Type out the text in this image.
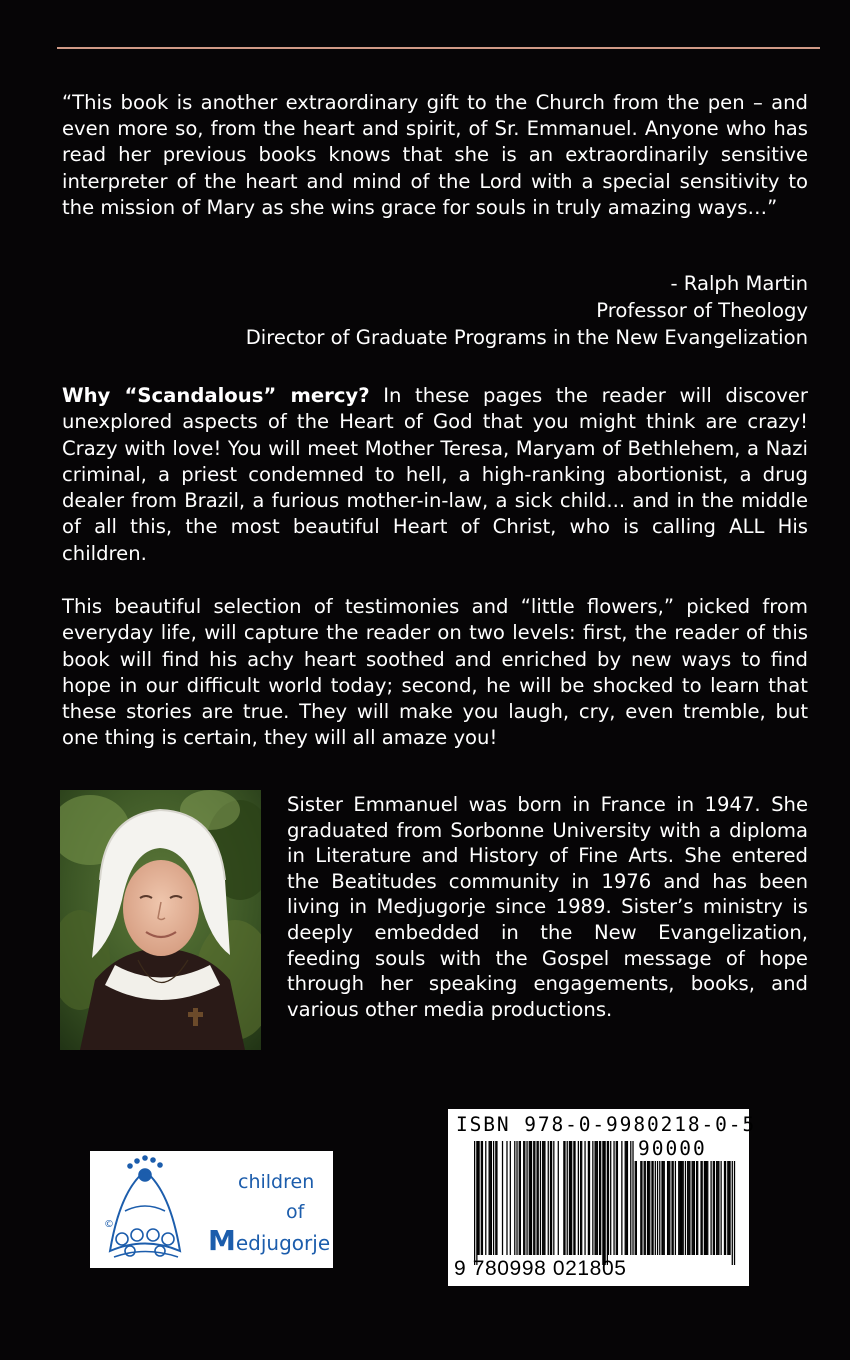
“This book is another extraordinary gift to the Church from the pen – and even more so, from the heart and spirit, of Sr. Emmanuel. Anyone who has read her previous books knows that she is an extraordinarily sensitive interpreter of the heart and mind of the Lord with a special sensitivity to the mission of Mary as she wins grace for souls in truly amazing ways…”

- Ralph Martin
Professor of Theology
Director of Graduate Programs in the New Evangelization

Why “Scandalous” mercy? In these pages the reader will discover unexplored aspects of the Heart of God that you might think are crazy! Crazy with love! You will meet Mother Teresa, Maryam of Bethlehem, a Nazi criminal, a priest condemned to hell, a high-ranking abortionist, a drug dealer from Brazil, a furious mother-in-law, a sick child... and in the middle of all this, the most beautiful Heart of Christ, who is calling ALL His children.

This beautiful selection of testimonies and “little flowers,” picked from everyday life, will capture the reader on two levels: first, the reader of this book will find his achy heart soothed and enriched by new ways to find hope in our difficult world today; second, he will be shocked to learn that these stories are true. They will make you laugh, cry, even tremble, but one thing is certain, they will all amaze you!

Sister Emmanuel was born in France in 1947. She graduated from Sorbonne University with a diploma in Literature and History of Fine Arts. She entered the Beatitudes community in 1976 and has been living in Medjugorje since 1989. Sister’s ministry is deeply embedded in the New Evangelization, feeding souls with the Gospel message of hope through her speaking engagements, books, and various other media productions.

©
children
of
Medjugorje
ISBN 978-0-9980218-0-5
90000
9 780998 021805
